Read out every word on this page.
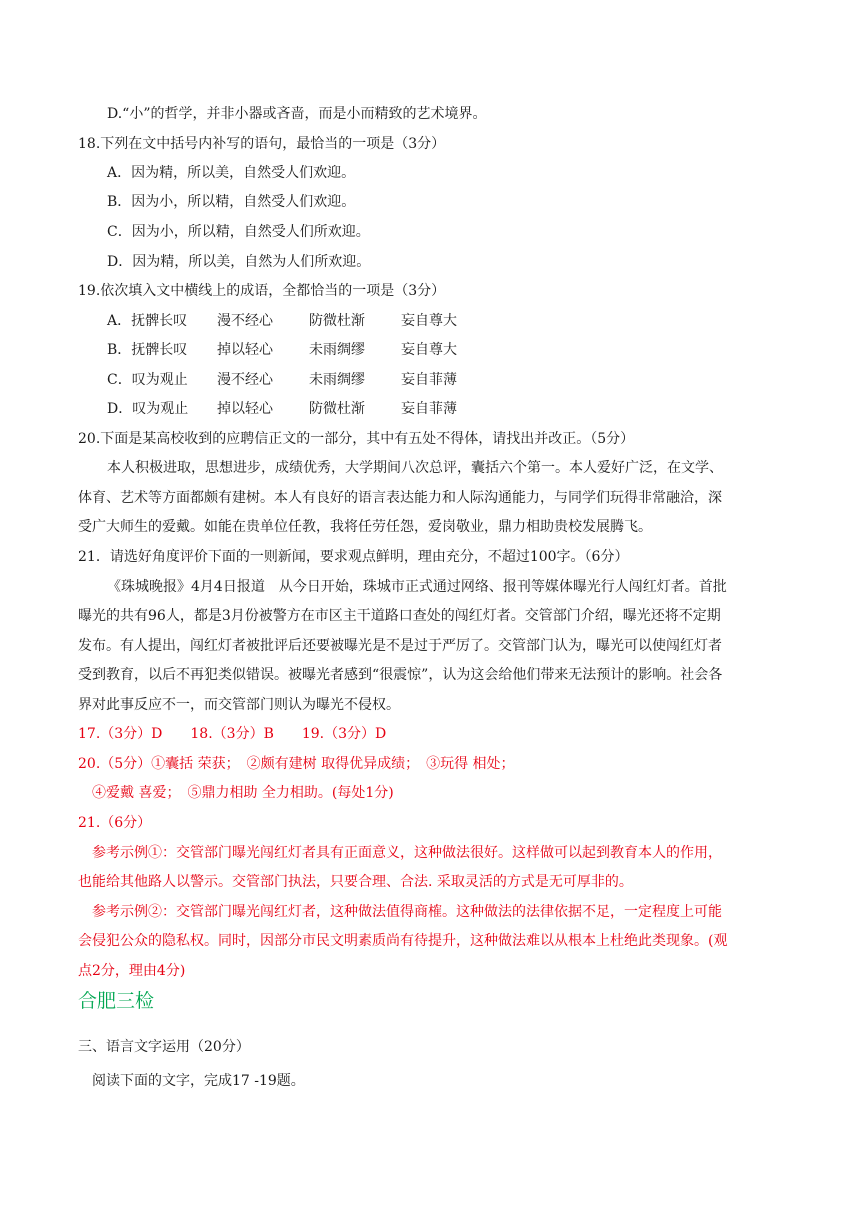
D.“小”的哲学，并非小器或吝啬，而是小而精致的艺术境界。
18.下列在文中括号内补写的语句，最恰当的一项是（3分）
A．因为精，所以美，自然受人们欢迎。
B．因为小，所以精，自然受人们欢迎。
C．因为小，所以精，自然受人们所欢迎。
D．因为精，所以美，自然为人们所欢迎。
19.依次填入文中横线上的成语，全都恰当的一项是（3分）
A．抚髀长叹	漫不经心	防微杜渐	妄自尊大
B．抚髀长叹	掉以轻心	未雨绸缪	妄自尊大
C．叹为观止	漫不经心	未雨绸缪	妄自菲薄
D．叹为观止	掉以轻心	防微杜渐	妄自菲薄
20.下面是某高校收到的应聘信正文的一部分，其中有五处不得体，请找出并改正。（5分）
本人积极进取，思想进步，成绩优秀，大学期间八次总评，囊括六个第一。本人爱好广泛，在文学、
体育、艺术等方面都颇有建树。本人有良好的语言表达能力和人际沟通能力，与同学们玩得非常融洽，深
受广大师生的爱戴。如能在贵单位任教，我将任劳任怨，爱岗敬业，鼎力相助贵校发展腾飞。
21．请选好角度评价下面的一则新闻，要求观点鲜明，理由充分，不超过100字。（6分）
《珠城晚报》4月4日报道　从今日开始，珠城市正式通过网络、报刊等媒体曝光行人闯红灯者。首批
曝光的共有96人，都是3月份被警方在市区主干道路口查处的闯红灯者。交管部门介绍，曝光还将不定期
发布。有人提出，闯红灯者被批评后还要被曝光是不是过于严厉了。交管部门认为，曝光可以使闯红灯者
受到教育，以后不再犯类似错误。被曝光者感到“很震惊”，认为这会给他们带来无法预计的影响。社会各
界对此事反应不一，而交管部门则认为曝光不侵权。
17.（3分）D　　18.（3分）B　　19.（3分）D
20.（5分）①囊括 荣获；　②颇有建树 取得优异成绩；　③玩得 相处；
④爱戴 喜爱；　⑤鼎力相助 全力相助。(每处1分)
21.（6分）
参考示例①：交管部门曝光闯红灯者具有正面意义，这种做法很好。这样做可以起到教育本人的作用，
也能给其他路人以警示。交管部门执法，只要合理、合法. 采取灵活的方式是无可厚非的。
参考示例②：交管部门曝光闯红灯者，这种做法值得商榷。这种做法的法律依据不足，一定程度上可能
会侵犯公众的隐私权。同时，因部分市民文明素质尚有待提升，这种做法难以从根本上杜绝此类现象。(观
点2分，理由4分)
合肥三检
三、语言文字运用（20分）
阅读下面的文字，完成17 -19题。
